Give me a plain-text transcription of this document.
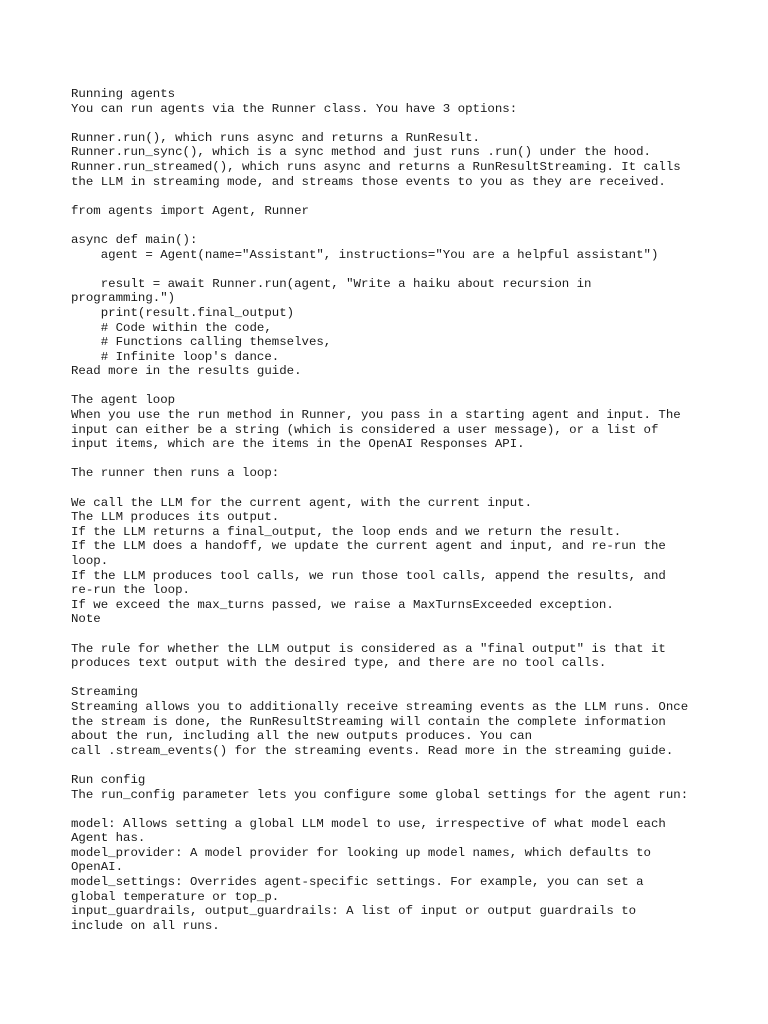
Running agents
You can run agents via the Runner class. You have 3 options:
Runner.run(), which runs async and returns a RunResult.
Runner.run_sync(), which is a sync method and just runs .run() under the hood.
Runner.run_streamed(), which runs async and returns a RunResultStreaming. It calls
the LLM in streaming mode, and streams those events to you as they are received.
from agents import Agent, Runner
async def main():
agent = Agent(name="Assistant", instructions="You are a helpful assistant")
result = await Runner.run(agent, "Write a haiku about recursion in
programming.")
print(result.final_output)
# Code within the code,
# Functions calling themselves,
# Infinite loop's dance.
Read more in the results guide.
The agent loop
When you use the run method in Runner, you pass in a starting agent and input. The
input can either be a string (which is considered a user message), or a list of
input items, which are the items in the OpenAI Responses API.
The runner then runs a loop:
We call the LLM for the current agent, with the current input.
The LLM produces its output.
If the LLM returns a final_output, the loop ends and we return the result.
If the LLM does a handoff, we update the current agent and input, and re-run the
loop.
If the LLM produces tool calls, we run those tool calls, append the results, and
re-run the loop.
If we exceed the max_turns passed, we raise a MaxTurnsExceeded exception.
Note
The rule for whether the LLM output is considered as a "final output" is that it
produces text output with the desired type, and there are no tool calls.
Streaming
Streaming allows you to additionally receive streaming events as the LLM runs. Once
the stream is done, the RunResultStreaming will contain the complete information
about the run, including all the new outputs produces. You can
call .stream_events() for the streaming events. Read more in the streaming guide.
Run config
The run_config parameter lets you configure some global settings for the agent run:
model: Allows setting a global LLM model to use, irrespective of what model each
Agent has.
model_provider: A model provider for looking up model names, which defaults to
OpenAI.
model_settings: Overrides agent-specific settings. For example, you can set a
global temperature or top_p.
input_guardrails, output_guardrails: A list of input or output guardrails to
include on all runs.
